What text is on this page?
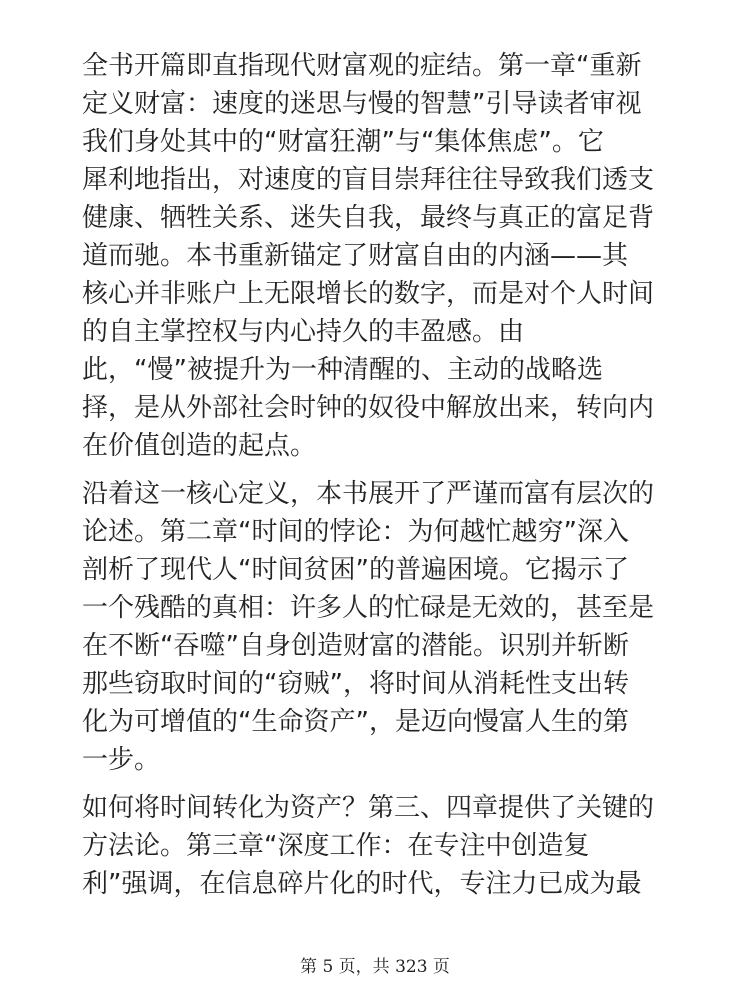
全书开篇即直指现代财富观的症结。第一章“重新
定义财富：速度的迷思与慢的智慧”引导读者审视
我们身处其中的“财富狂潮”与“集体焦虑”。它
犀利地指出，对速度的盲目崇拜往往导致我们透支
健康、牺牲关系、迷失自我，最终与真正的富足背
道而驰。本书重新锚定了财富自由的内涵——其
核心并非账户上无限增长的数字，而是对个人时间
的自主掌控权与内心持久的丰盈感。由
此，“慢”被提升为一种清醒的、主动的战略选
择，是从外部社会时钟的奴役中解放出来，转向内
在价值创造的起点。

沿着这一核心定义，本书展开了严谨而富有层次的
论述。第二章“时间的悖论：为何越忙越穷”深入
剖析了现代人“时间贫困”的普遍困境。它揭示了
一个残酷的真相：许多人的忙碌是无效的，甚至是
在不断“吞噬”自身创造财富的潜能。识别并斩断
那些窃取时间的“窃贼”，将时间从消耗性支出转
化为可增值的“生命资产”，是迈向慢富人生的第
一步。

如何将时间转化为资产？第三、四章提供了关键的
方法论。第三章“深度工作：在专注中创造复
利”强调，在信息碎片化的时代，专注力已成为最

第 5 页，共 323 页
